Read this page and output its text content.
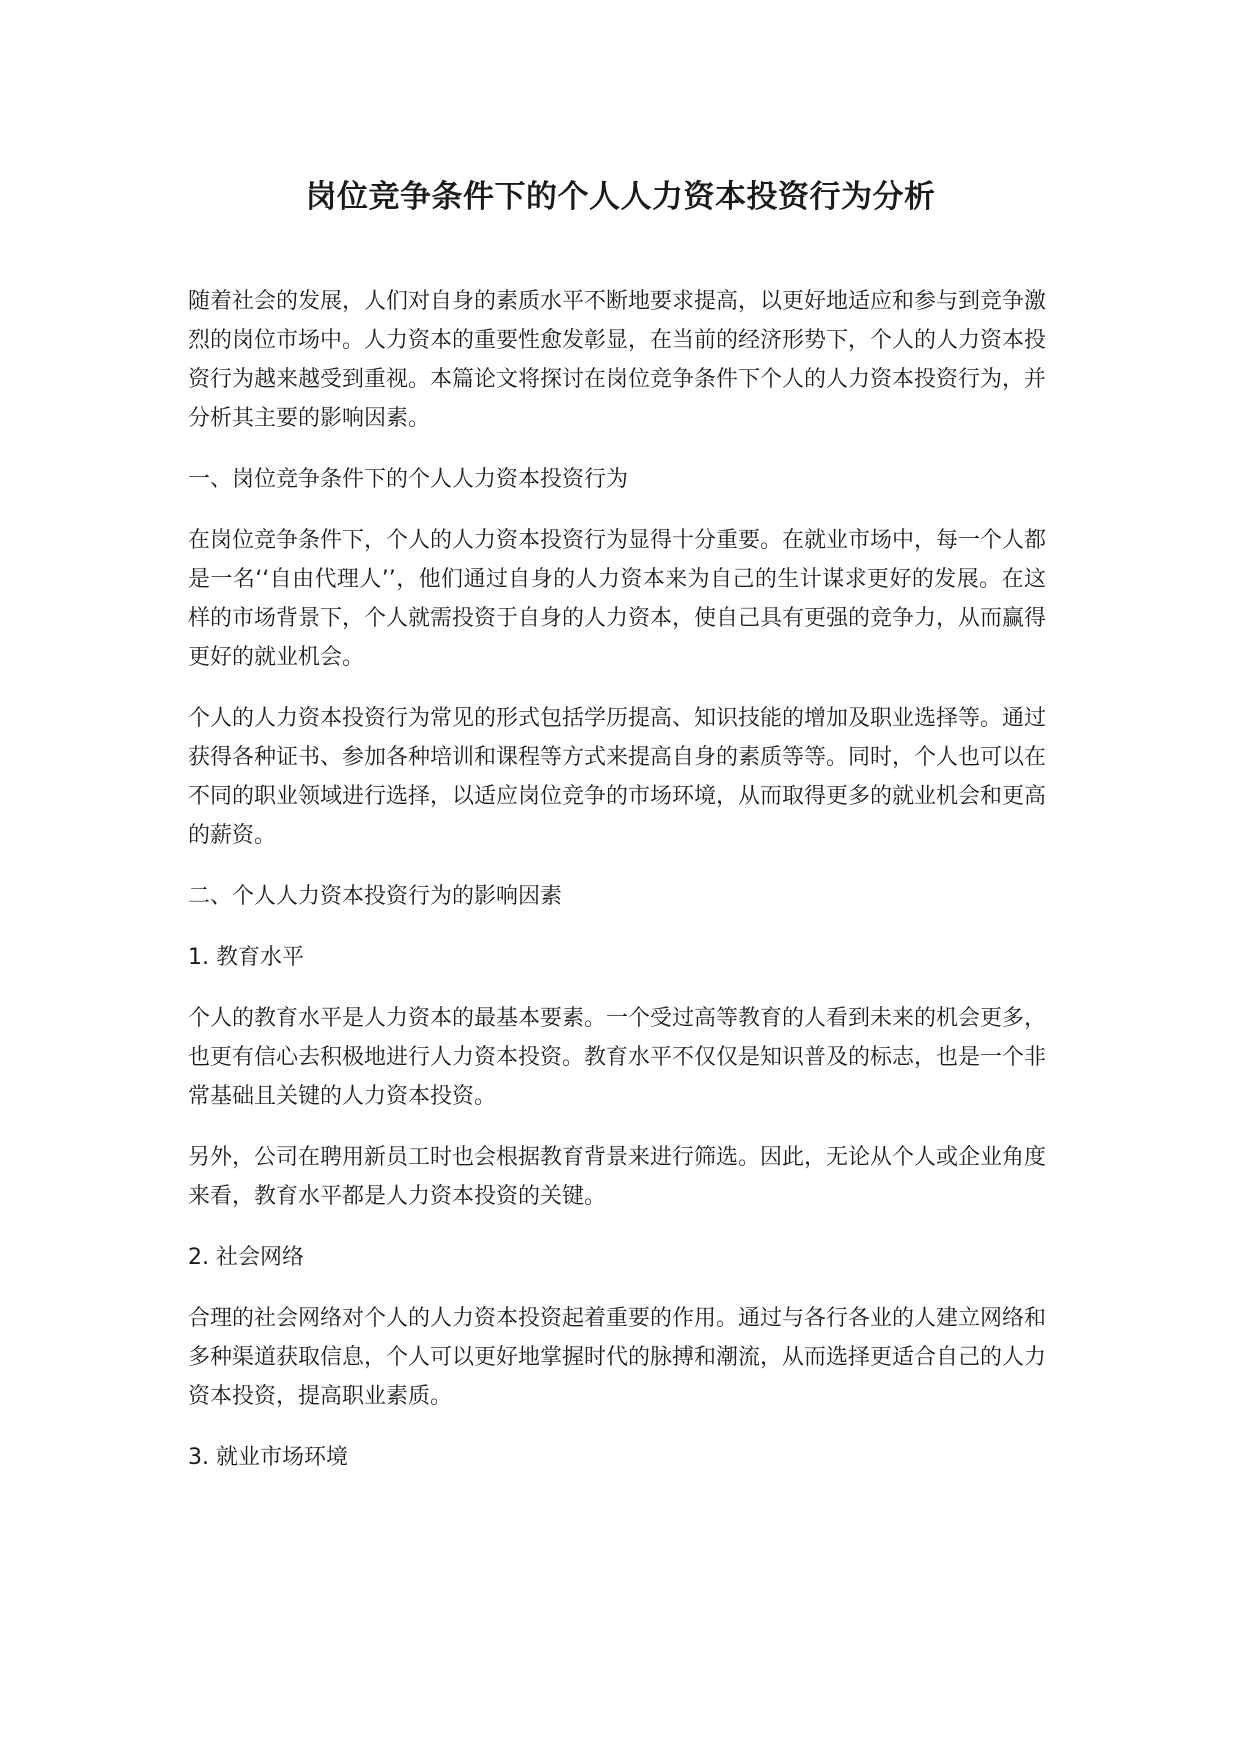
岗位竞争条件下的个人人力资本投资行为分析

随着社会的发展，人们对自身的素质水平不断地要求提高，以更好地适应和参与到竞争激烈的岗位市场中。人力资本的重要性愈发彰显，在当前的经济形势下，个人的人力资本投资行为越来越受到重视。本篇论文将探讨在岗位竞争条件下个人的人力资本投资行为，并分析其主要的影响因素。

一、岗位竞争条件下的个人人力资本投资行为

在岗位竞争条件下，个人的人力资本投资行为显得十分重要。在就业市场中，每一个人都是一名‘‘自由代理人’’，他们通过自身的人力资本来为自己的生计谋求更好的发展。在这样的市场背景下，个人就需投资于自身的人力资本，使自己具有更强的竞争力，从而赢得更好的就业机会。

个人的人力资本投资行为常见的形式包括学历提高、知识技能的增加及职业选择等。通过获得各种证书、参加各种培训和课程等方式来提高自身的素质等等。同时，个人也可以在不同的职业领域进行选择，以适应岗位竞争的市场环境，从而取得更多的就业机会和更高的薪资。

二、个人人力资本投资行为的影响因素

1. 教育水平

个人的教育水平是人力资本的最基本要素。一个受过高等教育的人看到未来的机会更多，也更有信心去积极地进行人力资本投资。教育水平不仅仅是知识普及的标志，也是一个非常基础且关键的人力资本投资。

另外，公司在聘用新员工时也会根据教育背景来进行筛选。因此，无论从个人或企业角度来看，教育水平都是人力资本投资的关键。

2. 社会网络

合理的社会网络对个人的人力资本投资起着重要的作用。通过与各行各业的人建立网络和多种渠道获取信息，个人可以更好地掌握时代的脉搏和潮流，从而选择更适合自己的人力资本投资，提高职业素质。

3. 就业市场环境
